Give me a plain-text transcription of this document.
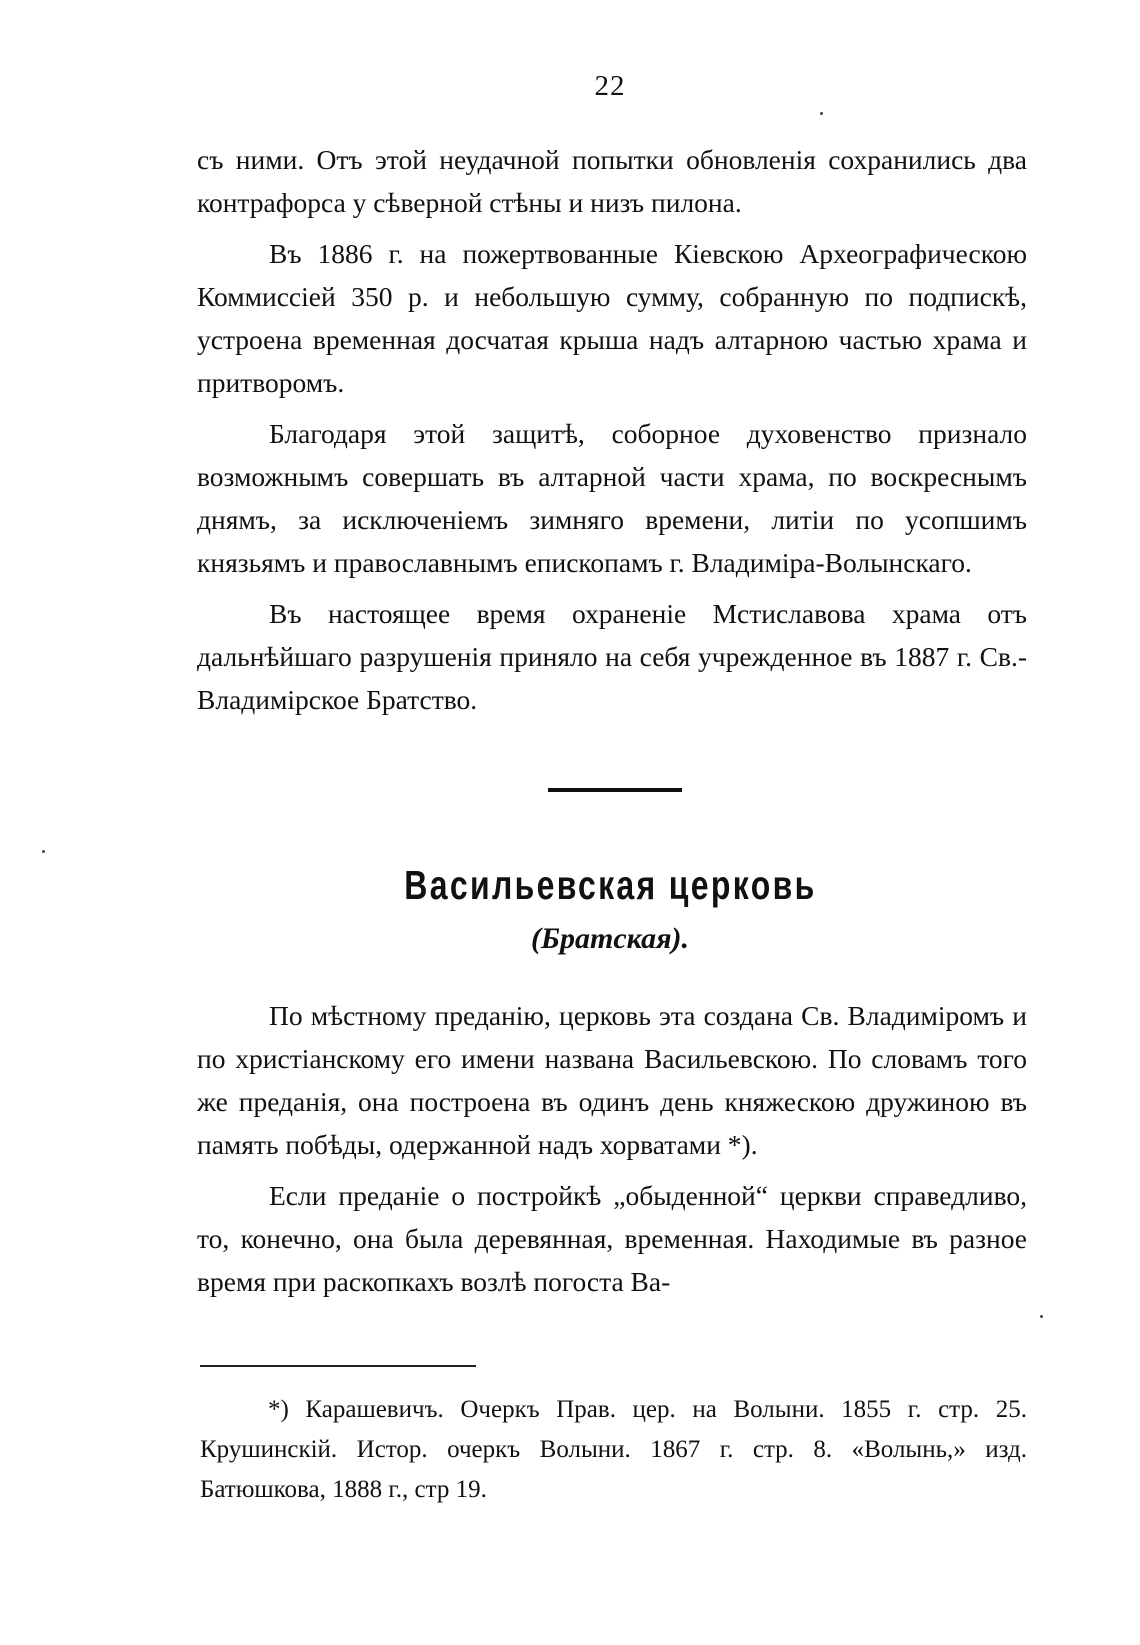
22

съ ними. Отъ этой неудачной попытки обновленія сохранились два контрафорса у сѣверной стѣны и низъ пилона.

Въ 1886 г. на пожертвованные Кіевскою Археографическою Коммиссіей 350 р. и небольшую сумму, собранную по подпискѣ, устроена временная досчатая крыша надъ алтарною частью храма и притворомъ.

Благодаря этой защитѣ, соборное духовенство признало возможнымъ совершать въ алтарной части храма, по воскреснымъ днямъ, за исключеніемъ зимняго времени, литіи по усопшимъ князьямъ и православнымъ епископамъ г. Владиміра-Волынскаго.

Въ настоящее время охраненіе Мстиславова храма отъ дальнѣйшаго разрушенія приняло на себя учрежденное въ 1887 г. Св.-Владимірское Братство.

Васильевская церковь
(Братская).

По мѣстному преданію, церковь эта создана Св. Владиміромъ и по христіанскому его имени названа Васильевскою. По словамъ того же преданія, она построена въ одинъ день княжескою дружиною въ память побѣды, одержанной надъ хорватами *).

Если преданіе о постройкѣ „обыденной“ церкви справедливо, то, конечно, она была деревянная, временная. Находимые въ разное время при раскопкахъ возлѣ погоста Ва-

*) Карашевичъ. Очеркъ Прав. цер. на Волыни. 1855 г. стр. 25. Крушинскій. Истор. очеркъ Волыни. 1867 г. стр. 8. «Волынь,» изд. Батюшкова, 1888 г., стр 19.
